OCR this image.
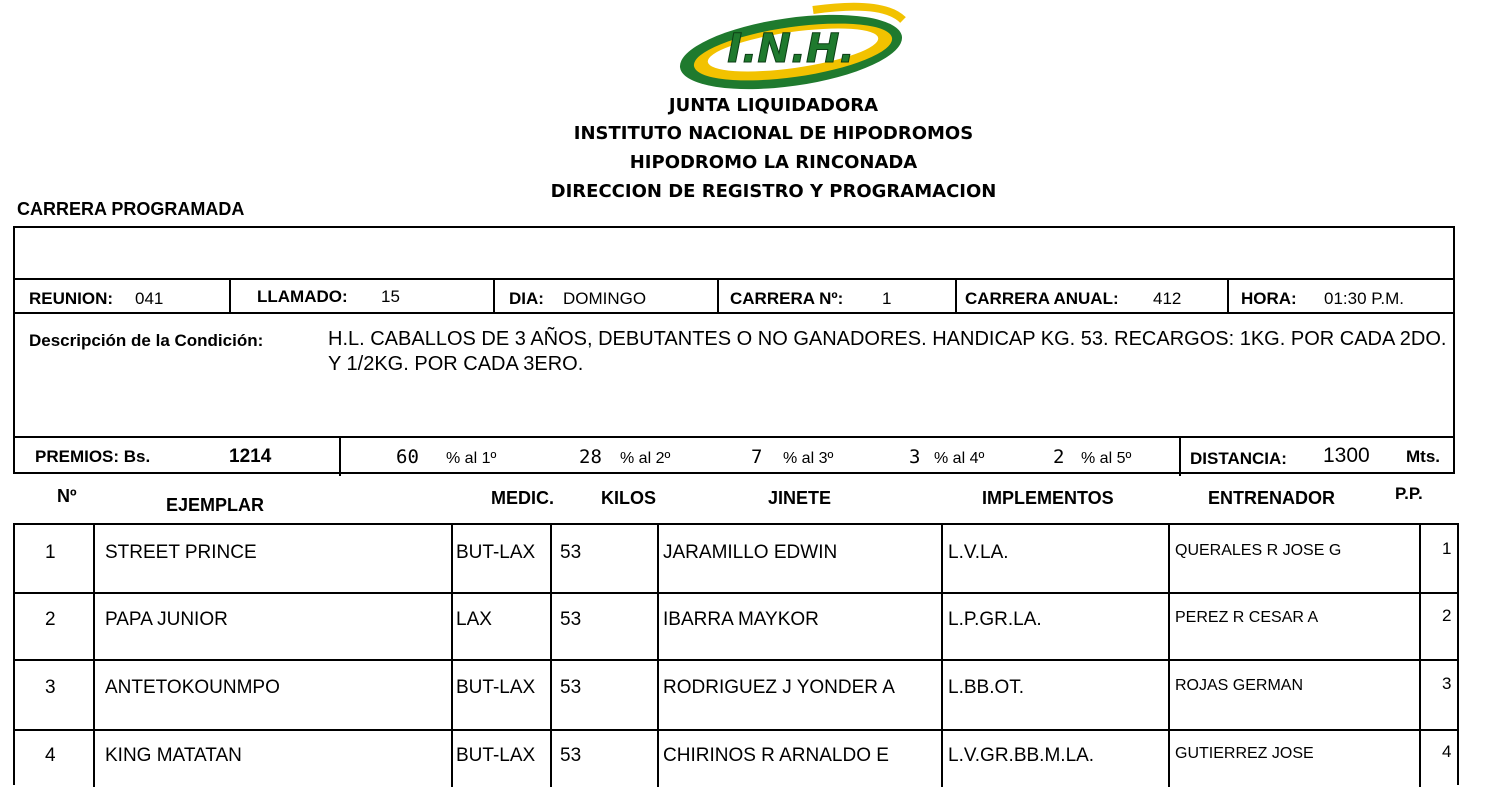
I.N.H.
JUNTA LIQUIDADORA
INSTITUTO NACIONAL DE HIPODROMOS
HIPODROMO LA RINCONADA
DIRECCION DE REGISTRO Y PROGRAMACION
CARRERA PROGRAMADA
REUNION: 041	LLAMADO: 15	DIA: DOMINGO	CARRERA Nº: 1	CARRERA ANUAL: 412	HORA: 01:30 P.M.
Descripción de la Condición:	H.L. CABALLOS DE 3 AÑOS, DEBUTANTES O NO GANADORES. HANDICAP KG. 53. RECARGOS: 1KG. POR CADA 2DO. Y 1/2KG. POR CADA 3ERO.
PREMIOS: Bs.	1214	60 % al 1º	28 % al 2º	7 % al 3º	3 % al 4º	2 % al 5º	DISTANCIA: 1300 Mts.
Nº	EJEMPLAR	MEDIC.	KILOS	JINETE	IMPLEMENTOS	ENTRENADOR	P.P.
1	STREET PRINCE	BUT-LAX 53	JARAMILLO EDWIN	L.V.LA.	QUERALES R JOSE G	1
2	PAPA JUNIOR	LAX	53	IBARRA MAYKOR	L.P.GR.LA.	PEREZ R CESAR A	2
3	ANTETOKOUNMPO	BUT-LAX 53	RODRIGUEZ J YONDER A	L.BB.OT.	ROJAS GERMAN	3
4	KING MATATAN	BUT-LAX 53	CHIRINOS R ARNALDO E	L.V.GR.BB.M.LA.	GUTIERREZ JOSE	4
